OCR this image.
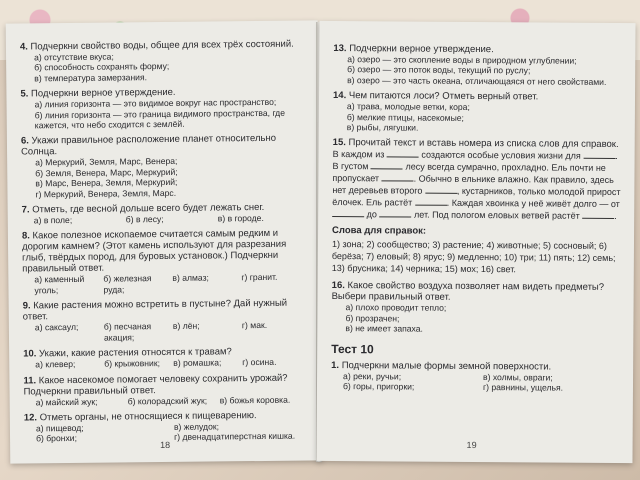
4. Подчеркни свойство воды, общее для всех трёх состояний.
а) отсутствие вкуса;
б) способность сохранять форму;
в) температура замерзания.
5. Подчеркни верное утверждение.
а) линия горизонта — это видимое вокруг нас пространство;
б) линия горизонта — это граница видимого пространства, где кажется, что небо сходится с землёй.
6. Укажи правильное расположение планет относительно Солнца.
а) Меркурий, Земля, Марс, Венера;
б) Земля, Венера, Марс, Меркурий;
в) Марс, Венера, Земля, Меркурий;
г) Меркурий, Венера, Земля, Марс.
7. Отметь, где весной дольше всего будет лежать снег.
а) в поле;	б) в лесу;	в) в городе.
8. Какое полезное ископаемое считается самым редким и дорогим камнем? (Этот камень используют для разрезания глыб, твёрдых пород, для буровых установок.) Подчеркни правильный ответ.
а) каменный уголь;
б) железная руда;
в) алмаз;	г) гранит.
9. Какие растения можно встретить в пустыне? Дай нужный ответ.
а) саксаул;	б) песчаная акация;
в) лён;	г) мак.
10. Укажи, какие растения относятся к травам?
а) клевер;	б) крыжовник;	в) ромашка;	г) осина.
11. Какое насекомое помогает человеку сохранить урожай? Подчеркни правильный ответ.
а) майский жук;	б) колорадский жук;	в) божья коровка.
12. Отметь органы, не относящиеся к пищеварению.
а) пищевод;	в) желудок;
б) бронхи;	г) двенадцатиперстная кишка.
18
13. Подчеркни верное утверждение.
а) озеро — это скопление воды в природном углублении;
б) озеро — это поток воды, текущий по руслу;
в) озеро — это часть океана, отличающаяся от него свойствами.
14. Чем питаются лоси? Отметь верный ответ.
а) трава, молодые ветки, кора;
б) мелкие птицы, насекомые;
в) рыбы, лягушки.
15. Прочитай текст и вставь номера из списка слов для справок.
В каждом из	создаются особые условия жизни для	. В густом	лесу всегда сумрачно, прохладно. Ель почти не пропускает	. Обычно в ельнике влажно. Как правило, здесь нет деревьев второго	, кустарников, только молодой прирост ёлочек. Ель растёт	. Каждая хвоинка у неё живёт долго — от  до	лет. Под пологом еловых ветвей растёт	.
Слова для справок:
1) зона; 2) сообщество; 3) растение; 4) животные; 5) сосновый; 6) берёза; 7) еловый; 8) ярус; 9) медленно; 10) три; 11) пять; 12) семь; 13) брусника; 14) черника; 15) мох; 16) свет.
16. Какое свойство воздуха позволяет нам видеть предметы? Выбери правильный ответ.
а) плохо проводит тепло;
б) прозрачен;
в) не имеет запаха.
Тест 10
1. Подчеркни малые формы земной поверхности.
а) реки, ручьи;	в) холмы, овраги;
б) горы, пригорки;	г) равнины, ущелья.
19
